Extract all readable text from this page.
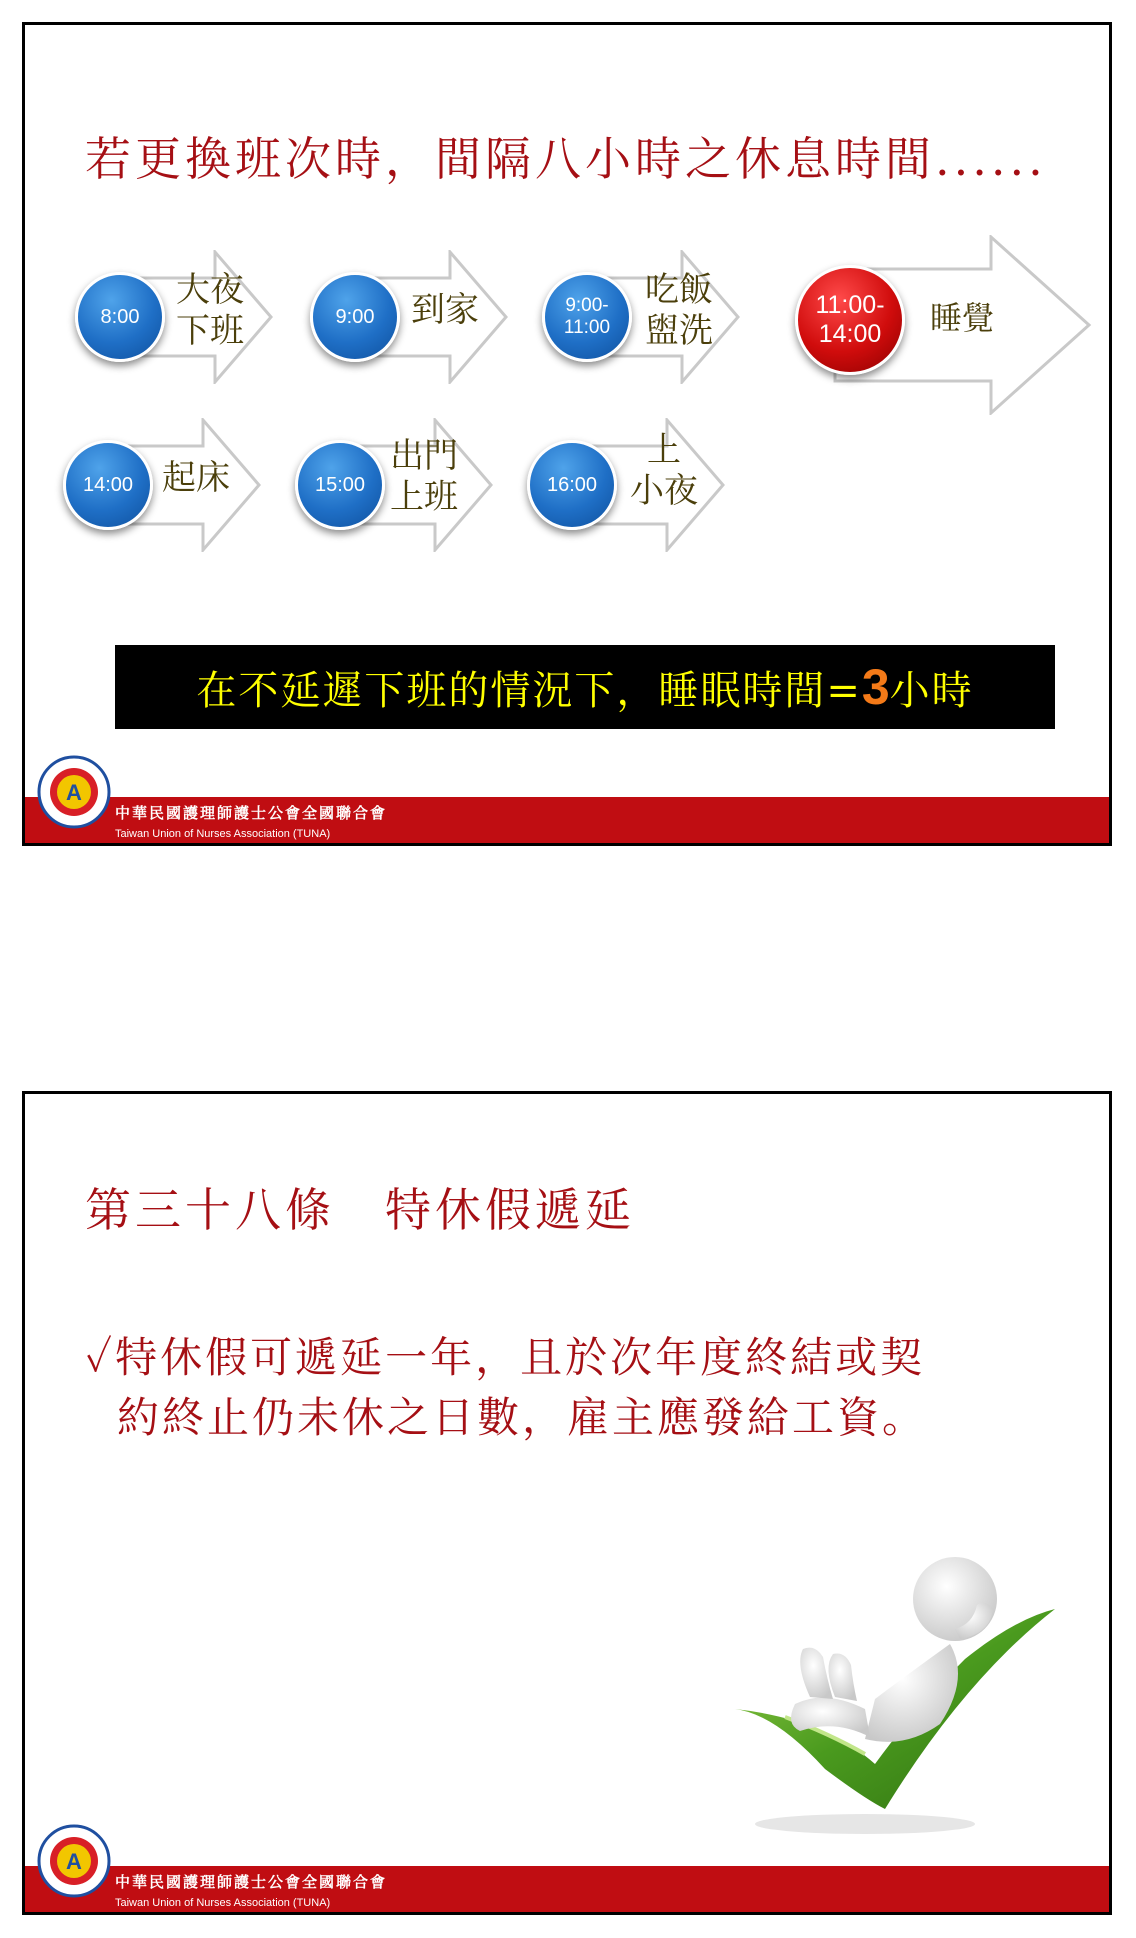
若更換班次時，間隔八小時之休息時間......
8:00
大夜
下班	9:00	到家	9:00-
11:00
吃飯
盥洗
11:00-
14:00	睡覺
14:00 起床	15:00
出門
上班	16:00
上
小夜
在不延遲下班的情況下，睡眠時間= 3 小時
A
中華民國護理師護士公會全國聯合會
Taiwan Union of Nurses Association (TUNA)
第三十八條　特休假遞延
✓特休假可遞延一年，且於次年度終結或契
約終止仍未休之日數，雇主應發給工資。
A
中華民國護理師護士公會全國聯合會
Taiwan Union of Nurses Association (TUNA)
